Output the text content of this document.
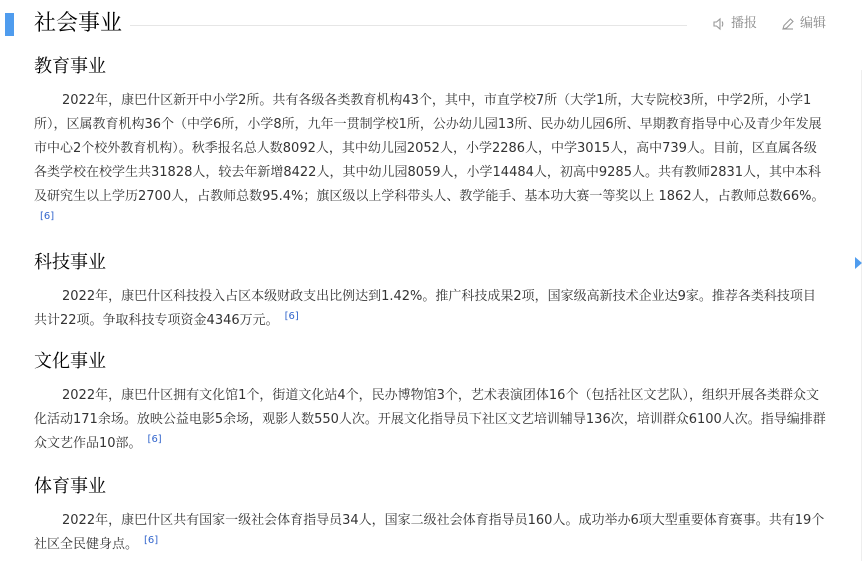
社会事业	播报	编辑
教育事业

2022年，康巴什区新开中小学2所。共有各级各类教育机构43个，其中，市直学校7所（大学1所，大专院校3所，中学2所，小学1所），区属教育机构36个（中学6所，小学8所，九年一贯制学校1所，公办幼儿园13所、民办幼儿园6所、早期教育指导中心及青少年发展市中心2个校外教育机构）。秋季报名总人数8092人，其中幼儿园2052人，小学2286人，中学3015人，高中739人。目前，区直属各级各类学校在校学生共31828人，较去年新增8422人，其中幼儿园8059人，小学14484人，初高中9285人。共有教师2831人，其中本科及研究生以上学历2700人，占教师总数95.4%；旗区级以上学科带头人、教学能手、基本功大赛一等奖以上 1862人，占教师总数66%。[6]

科技事业

2022年，康巴什区科技投入占区本级财政支出比例达到1.42%。推广科技成果2项，国家级高新技术企业达9家。推荐各类科技项目共计22项。争取科技专项资金4346万元。 [6]

文化事业

2022年，康巴什区拥有文化馆1个，街道文化站4个，民办博物馆3个，艺术表演团体16个（包括社区文艺队），组织开展各类群众文化活动171余场。放映公益电影5余场，观影人数550人次。开展文化指导员下社区文艺培训辅导136次，培训群众6100人次。指导编排群众文艺作品10部。 [6]

体育事业

2022年，康巴什区共有国家一级社会体育指导员34人，国家二级社会体育指导员160人。成功举办6项大型重要体育赛事。共有19个社区全民健身点。 [6]
